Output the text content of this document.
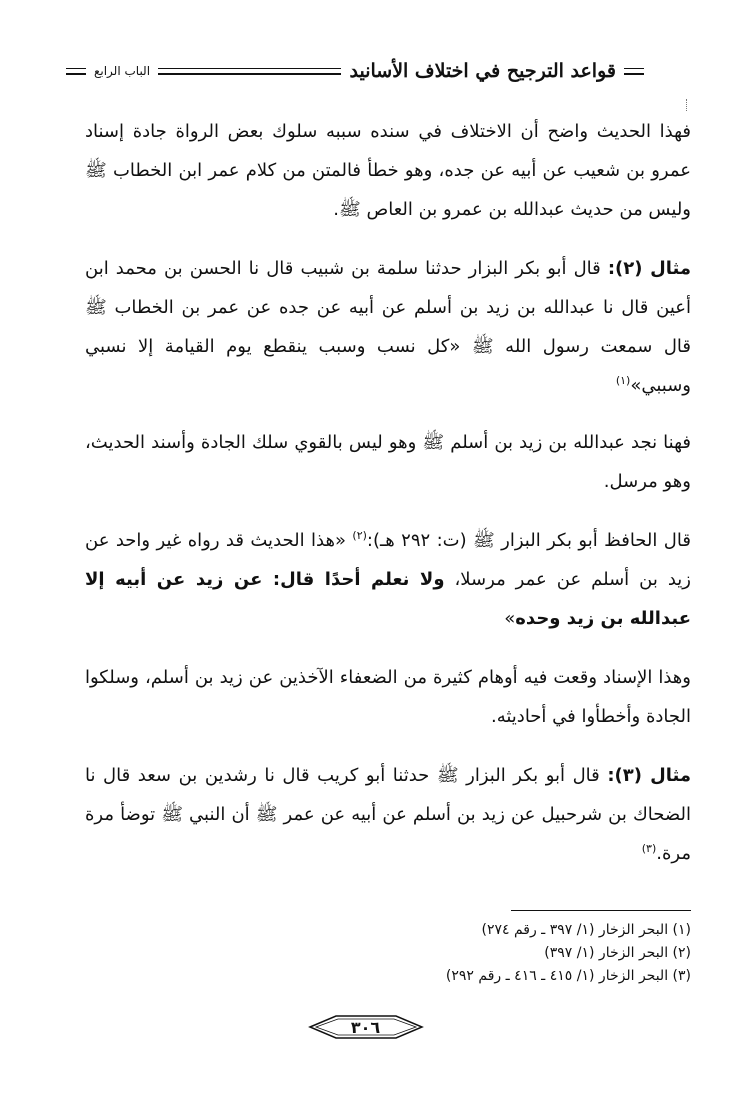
قواعد الترجيح في اختلاف الأسانيد
الباب الرابع

فهذا الحديث واضح أن الاختلاف في سنده سببه سلوك بعض الرواة جادة إسناد عمرو بن شعيب عن أبيه عن جده، وهو خطأ فالمتن من كلام عمر ابن الخطاب ﷺ وليس من حديث عبدالله بن عمرو بن العاص ﷺ.

مثال (٢): قال أبو بكر البزار حدثنا سلمة بن شبيب قال نا الحسن بن محمد ابن أعين قال نا عبدالله بن زيد بن أسلم عن أبيه عن جده عن عمر بن الخطاب ﷺ قال سمعت رسول الله ﷺ «كل نسب وسبب ينقطع يوم القيامة إلا نسبي وسببي»$^{(١)}$

فهنا نجد عبدالله بن زيد بن أسلم ﷺ وهو ليس بالقوي سلك الجادة وأسند الحديث، وهو مرسل.

قال الحافظ أبو بكر البزار ﷺ (ت: ٢٩٢ هـ):$^{(٢)}$ «هذا الحديث قد رواه غير واحد عن زيد بن أسلم عن عمر مرسلا، ولا نعلم أحدًا قال: عن زيد عن أبيه إلا عبدالله بن زيد وحده»

وهذا الإسناد وقعت فيه أوهام كثيرة من الضعفاء الآخذين عن زيد بن أسلم، وسلكوا الجادة وأخطأوا في أحاديثه.

مثال (٣): قال أبو بكر البزار ﷺ حدثنا أبو كريب قال نا رشدين بن سعد قال نا الضحاك بن شرحبيل عن زيد بن أسلم عن أبيه عن عمر ﷺ أن النبي ﷺ توضأ مرة مرة.$^{(٣)}$

(١) البحر الزخار (١/ ٣٩٧ ـ رقم ٢٧٤)
(٢) البحر الزخار (١/ ٣٩٧)
(٣) البحر الزخار (١/ ٤١٥ ـ ٤١٦ ـ رقم ٢٩٢)
٣٠٦
